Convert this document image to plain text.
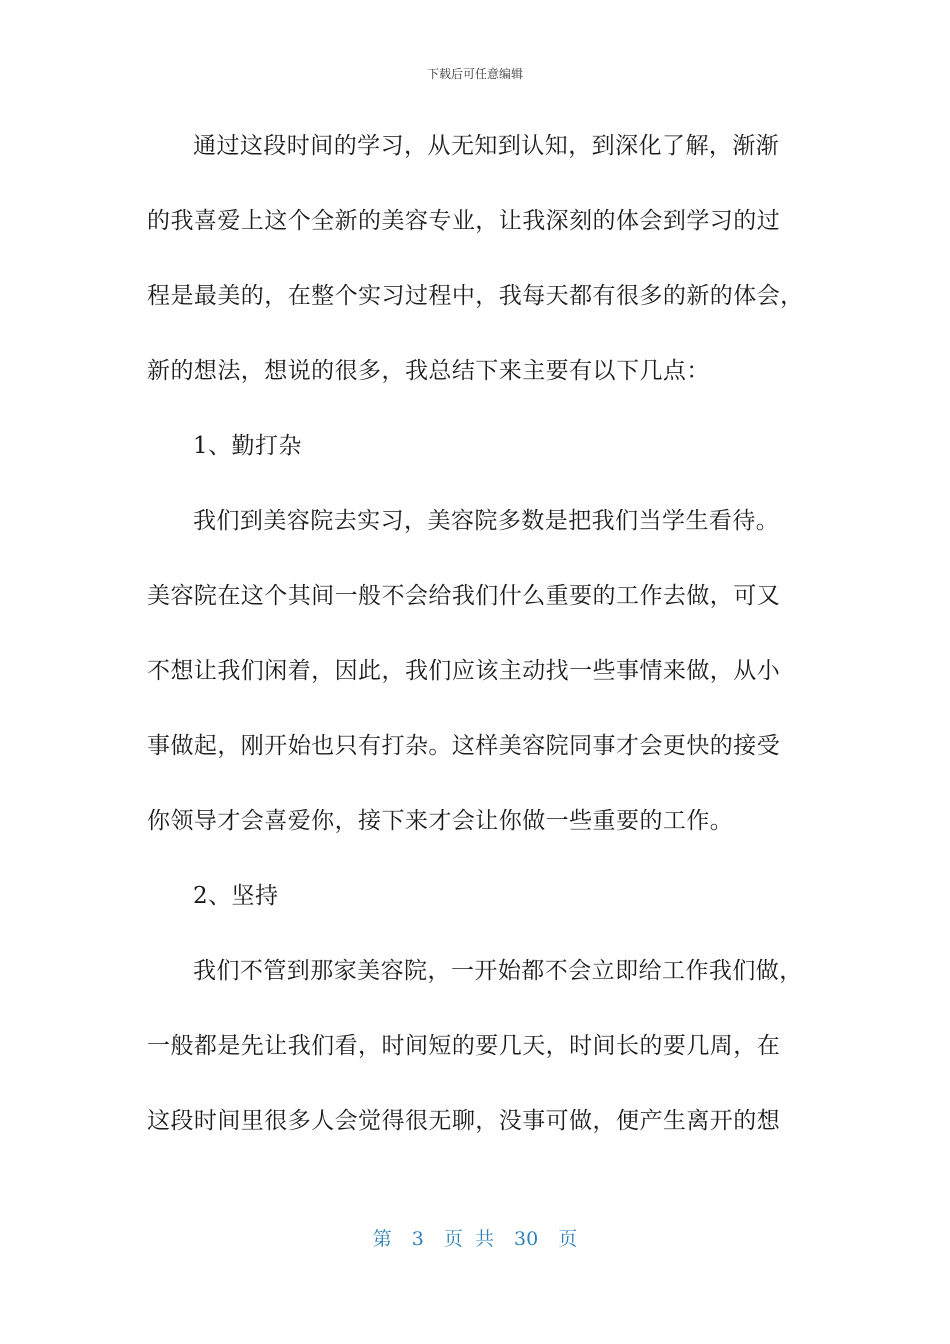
下载后可任意编辑
通过这段时间的学习，从无知到认知，到深化了解，渐渐
的我喜爱上这个全新的美容专业，让我深刻的体会到学习的过
程是最美的，在整个实习过程中，我每天都有很多的新的体会，
新的想法，想说的很多，我总结下来主要有以下几点：
1、勤打杂
我们到美容院去实习，美容院多数是把我们当学生看待。
美容院在这个其间一般不会给我们什么重要的工作去做，可又
不想让我们闲着，因此，我们应该主动找一些事情来做，从小
事做起，刚开始也只有打杂。这样美容院同事才会更快的接受
你领导才会喜爱你，接下来才会让你做一些重要的工作。
2、坚持
我们不管到那家美容院，一开始都不会立即给工作我们做，
一般都是先让我们看，时间短的要几天，时间长的要几周，在
这段时间里很多人会觉得很无聊，没事可做，便产生离开的想
第 3 页 共 30 页
